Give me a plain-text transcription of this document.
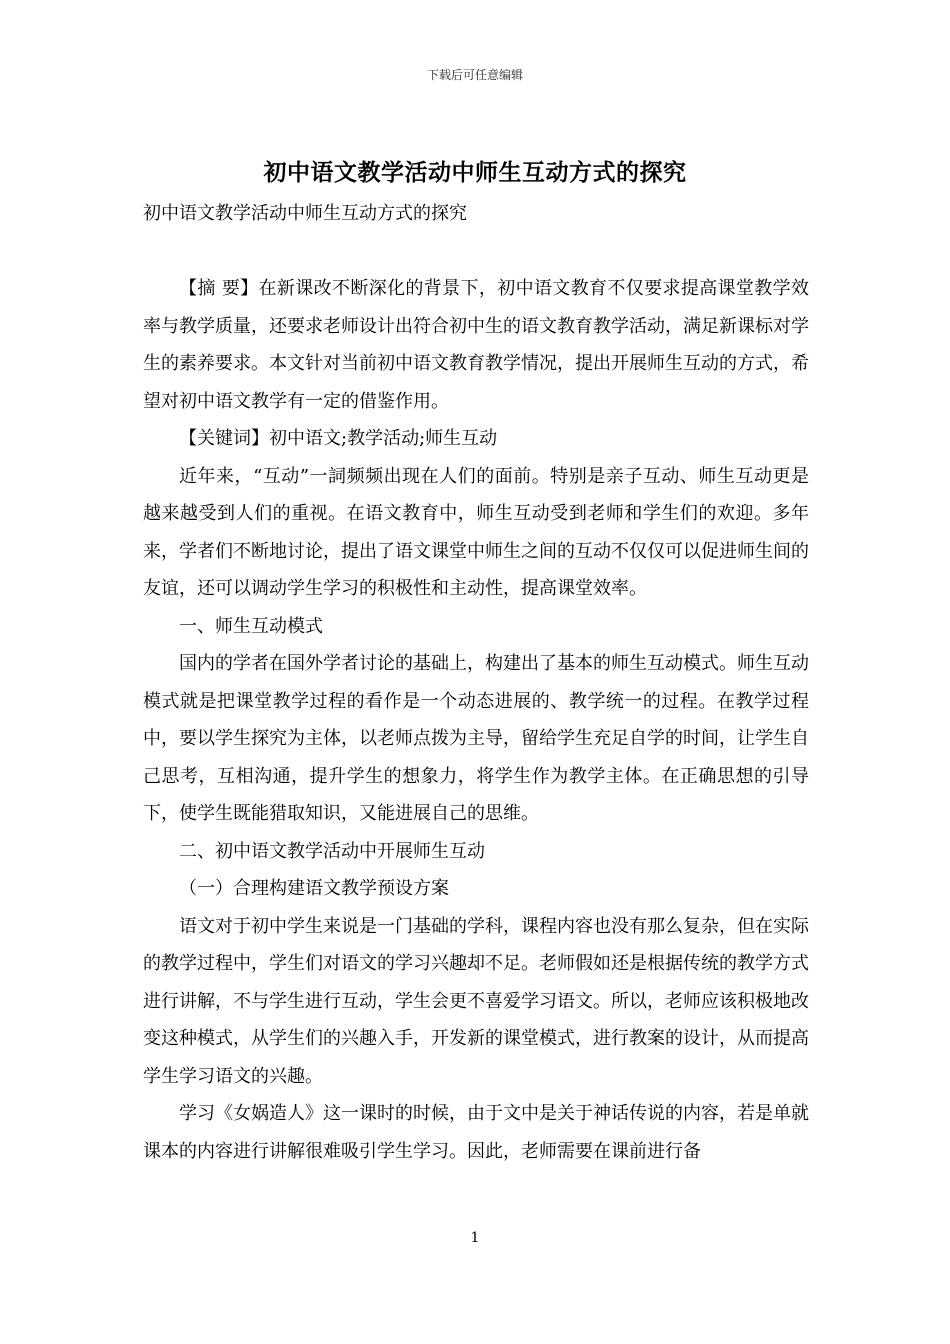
下载后可任意编辑
初中语文教学活动中师生互动方式的探究
初中语文教学活动中师生互动方式的探究

【摘 要】在新课改不断深化的背景下，初中语文教育不仅要求提高课堂教学效率与教学质量，还要求老师设计出符合初中生的语文教育教学活动，满足新课标对学生的素养要求。本文针对当前初中语文教育教学情况，提出开展师生互动的方式，希望对初中语文教学有一定的借鉴作用。

【关键词】初中语文;教学活动;师生互动

近年来，“互动”一詞频频出现在人们的面前。特别是亲子互动、师生互动更是越来越受到人们的重视。在语文教育中，师生互动受到老师和学生们的欢迎。多年来，学者们不断地讨论，提出了语文课堂中师生之间的互动不仅仅可以促进师生间的友谊，还可以调动学生学习的积极性和主动性，提高课堂效率。

一、师生互动模式

国内的学者在国外学者讨论的基础上，构建出了基本的师生互动模式。师生互动模式就是把课堂教学过程的看作是一个动态进展的、教学统一的过程。在教学过程中，要以学生探究为主体，以老师点拨为主导，留给学生充足自学的时间，让学生自己思考，互相沟通，提升学生的想象力，将学生作为教学主体。在正确思想的引导下，使学生既能猎取知识，又能进展自己的思维。

二、初中语文教学活动中开展师生互动

（一）合理构建语文教学预设方案

语文对于初中学生来说是一门基础的学科，课程内容也没有那么复杂，但在实际的教学过程中，学生们对语文的学习兴趣却不足。老师假如还是根据传统的教学方式进行讲解，不与学生进行互动，学生会更不喜爱学习语文。所以，老师应该积极地改变这种模式，从学生们的兴趣入手，开发新的课堂模式，进行教案的设计，从而提高学生学习语文的兴趣。

学习《女娲造人》这一课时的时候，由于文中是关于神话传说的内容，若是单就课本的内容进行讲解很难吸引学生学习。因此，老师需要在课前进行备

1
